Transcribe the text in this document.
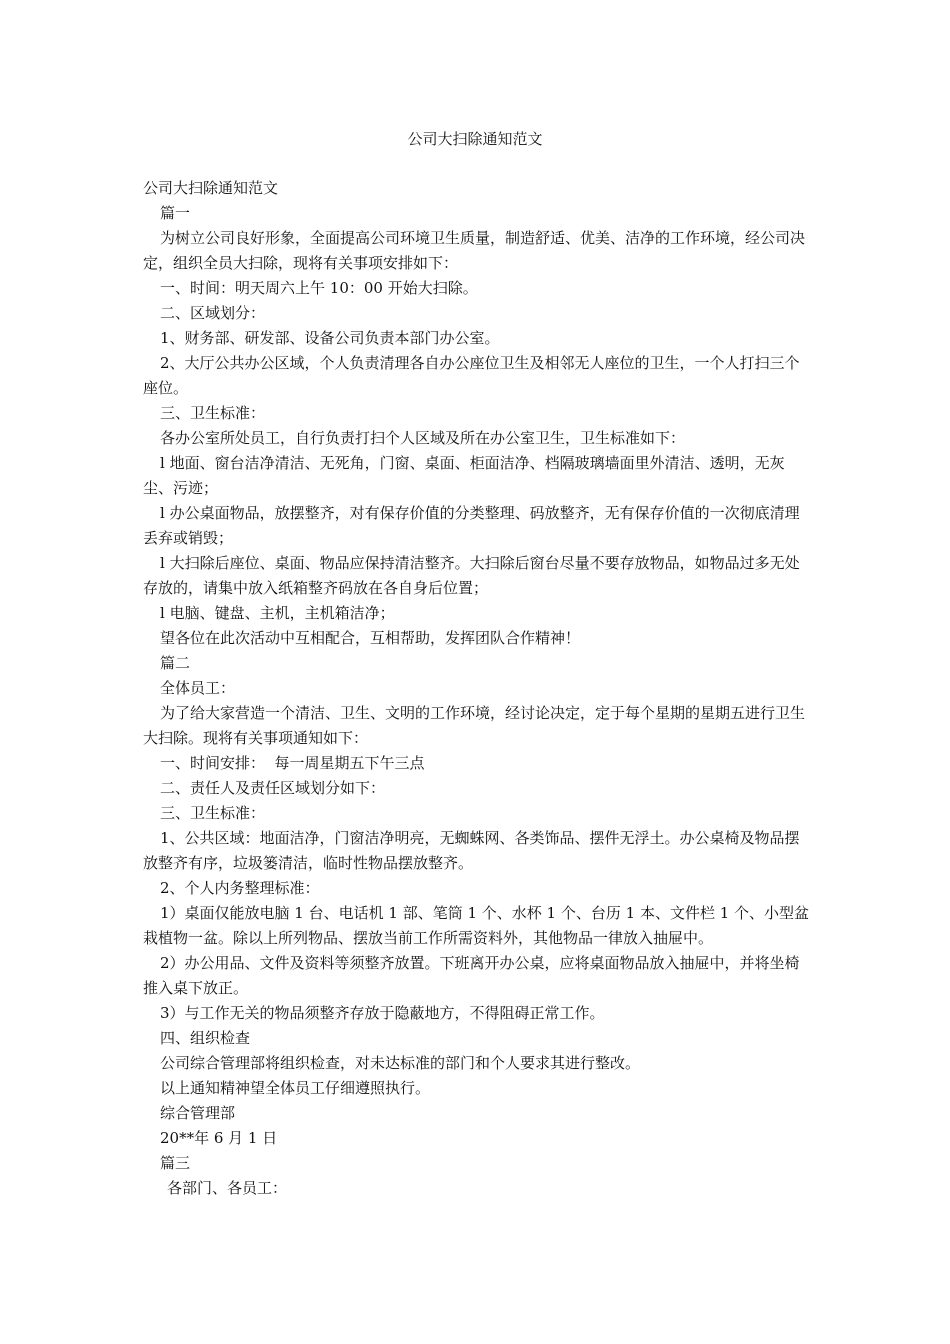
公司大扫除通知范文

公司大扫除通知范文

篇一

为树立公司良好形象，全面提高公司环境卫生质量，制造舒适、优美、洁净的工作环境，经公司决定，组织全员大扫除，现将有关事项安排如下：

一、时间：明天周六上午 10：00 开始大扫除。

二、区域划分：

1、财务部、研发部、设备公司负责本部门办公室。

2、大厅公共办公区域，个人负责清理各自办公座位卫生及相邻无人座位的卫生，一个人打扫三个座位。

三、卫生标准：

各办公室所处员工，自行负责打扫个人区域及所在办公室卫生，卫生标准如下：

l 地面、窗台洁净清洁、无死角，门窗、桌面、柜面洁净、档隔玻璃墙面里外清洁、透明，无灰尘、污迹；

l 办公桌面物品，放摆整齐，对有保存价值的分类整理、码放整齐，无有保存价值的一次彻底清理丢弃或销毁；

l 大扫除后座位、桌面、物品应保持清洁整齐。大扫除后窗台尽量不要存放物品，如物品过多无处存放的，请集中放入纸箱整齐码放在各自身后位置；

l 电脑、键盘、主机，主机箱洁净；

望各位在此次活动中互相配合，互相帮助，发挥团队合作精神！

篇二

全体员工：

为了给大家营造一个清洁、卫生、文明的工作环境，经讨论决定，定于每个星期的星期五进行卫生大扫除。现将有关事项通知如下：

一、时间安排：  每一周星期五下午三点

二、责任人及责任区域划分如下：

三、卫生标准：

1、公共区域：地面洁净，门窗洁净明亮，无蜘蛛网、各类饰品、摆件无浮土。办公桌椅及物品摆放整齐有序，垃圾篓清洁，临时性物品摆放整齐。

2、个人内务整理标准：

1）桌面仅能放电脑 1 台、电话机 1 部、笔筒 1 个、水杯 1 个、台历 1 本、文件栏 1 个、小型盆栽植物一盆。除以上所列物品、摆放当前工作所需资料外，其他物品一律放入抽屉中。

2）办公用品、文件及资料等须整齐放置。下班离开办公桌，应将桌面物品放入抽屉中，并将坐椅推入桌下放正。

3）与工作无关的物品须整齐存放于隐蔽地方，不得阻碍正常工作。

四、组织检查

公司综合管理部将组织检查，对未达标准的部门和个人要求其进行整改。

以上通知精神望全体员工仔细遵照执行。

综合管理部

20**年 6 月 1 日

篇三

各部门、各员工：
